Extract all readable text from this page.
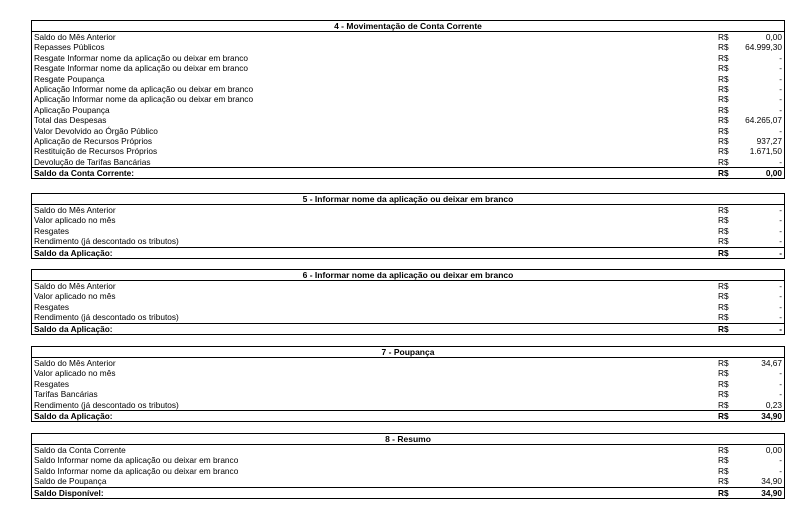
4 - Movimentação de Conta Corrente
Saldo do Mês Anterior	R$	0,00
Repasses Públicos	R$ 64.999,30
Resgate Informar nome da aplicação ou deixar em branco	R$	-
Resgate Informar nome da aplicação ou deixar em branco	R$	-
Resgate Poupança	R$	-
Aplicação Informar nome da aplicação ou deixar em branco	R$	-
Aplicação Informar nome da aplicação ou deixar em branco	R$	-
Aplicação Poupança	R$	-
Total das Despesas	R$ 64.265,07
Valor Devolvido ao Órgão Público	R$	-
Aplicação de Recursos Próprios	R$	937,27
Restituição de Recursos Próprios	R$	1.671,50
Devolução de Tarifas Bancárias	R$	-
Saldo da Conta Corrente:	R$	0,00
5 - Informar nome da aplicação ou deixar em branco
Saldo do Mês Anterior	R$	-
Valor aplicado no mês	R$	-
Resgates	R$	-
Rendimento (já descontado os tributos)	R$	-
Saldo da Aplicação:	R$	-
6 - Informar nome da aplicação ou deixar em branco
Saldo do Mês Anterior	R$	-
Valor aplicado no mês	R$	-
Resgates	R$	-
Rendimento (já descontado os tributos)	R$	-
Saldo da Aplicação:	R$	-
7 - Poupança
Saldo do Mês Anterior	R$	34,67
Valor aplicado no mês	R$	-
Resgates	R$	-
Tarifas Bancárias	R$	-
Rendimento (já descontado os tributos)	R$	0,23
Saldo da Aplicação:	R$	34,90
8 - Resumo
Saldo da Conta Corrente	R$	0,00
Saldo Informar nome da aplicação ou deixar em branco	R$	-
Saldo Informar nome da aplicação ou deixar em branco	R$	-
Saldo de Poupança	R$	34,90
Saldo Disponível:	R$	34,90
